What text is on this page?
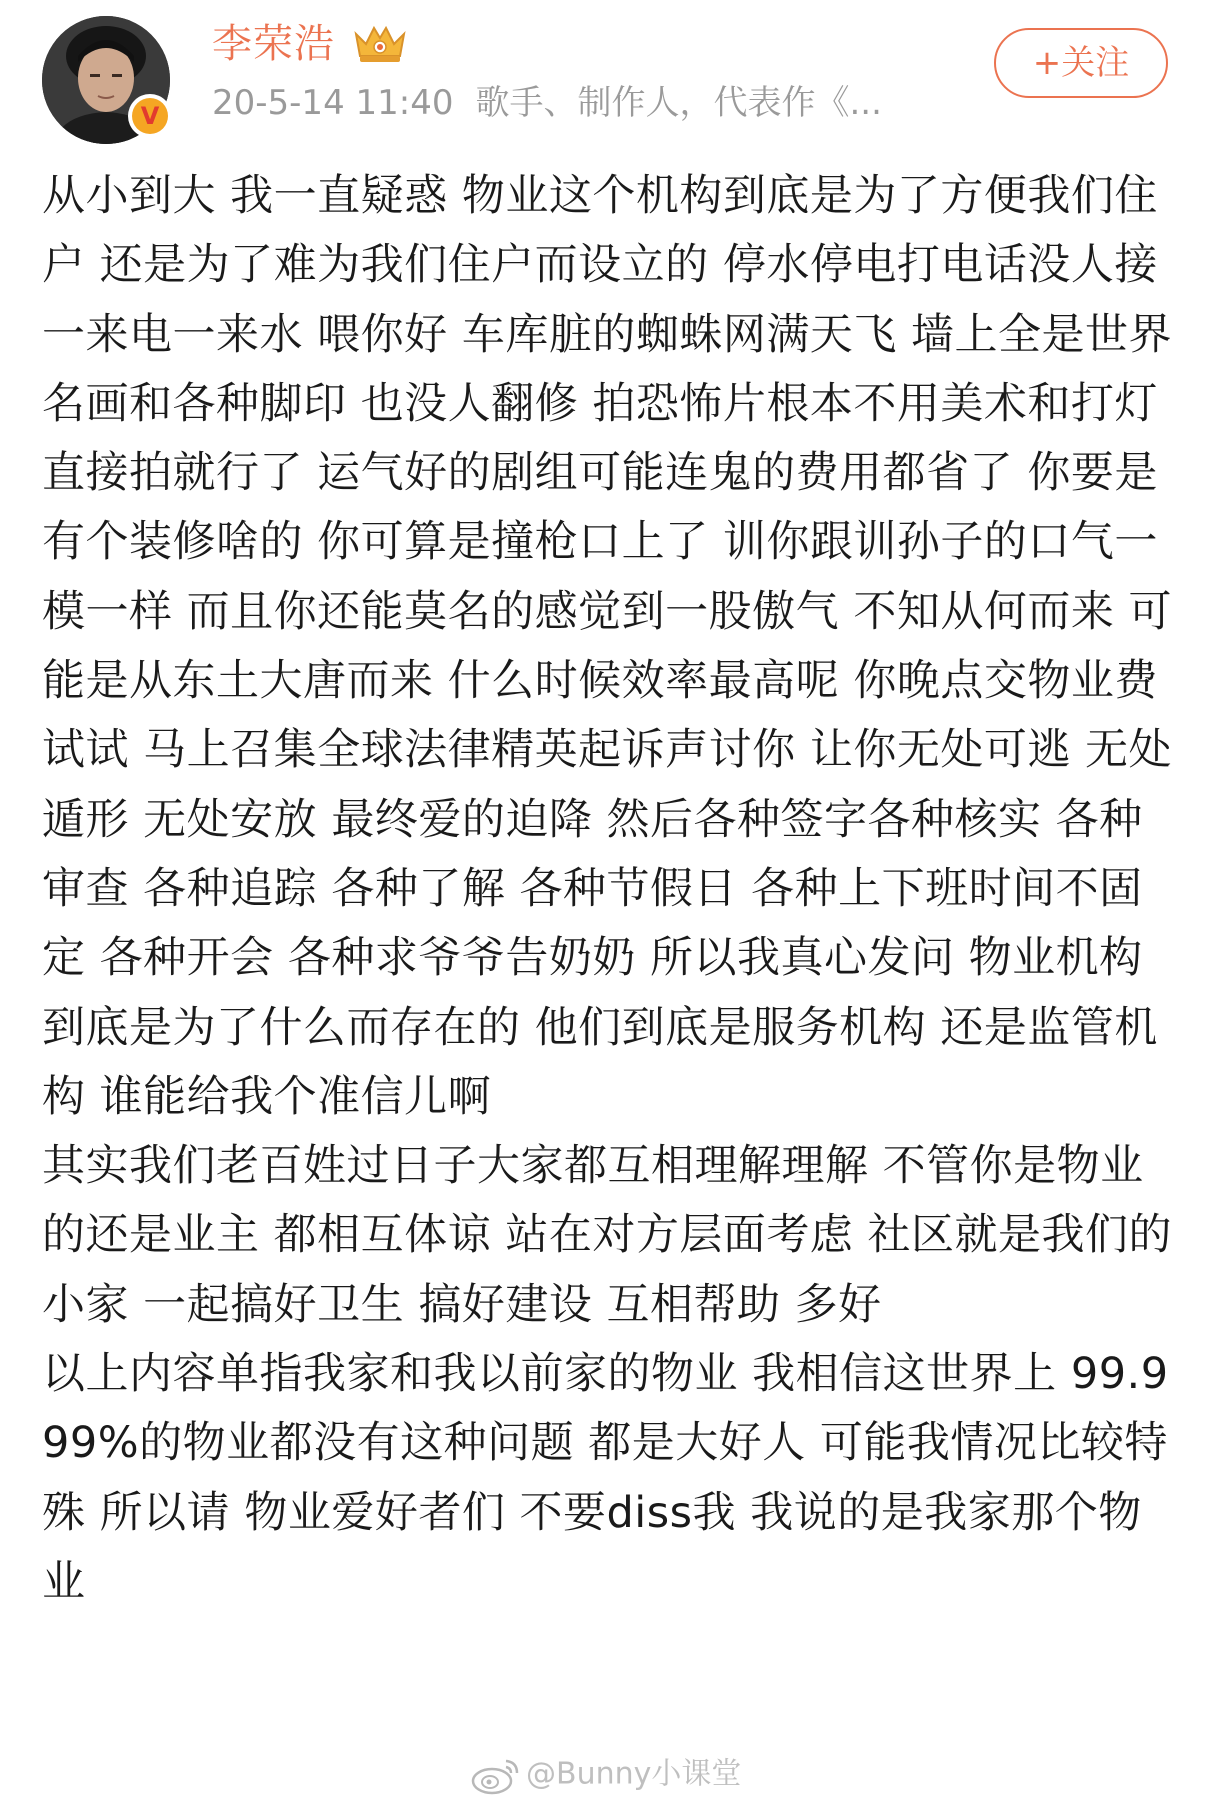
V
李荣浩
20-5-14 11:40 歌手、制作人，代表作《...
+关注

从小到大 我一直疑惑 物业这个机构到底是为了方便我们住户 还是为了难为我们住户而设立的 停水停电打电话没人接 一来电一来水 喂你好 车库脏的蜘蛛网满天飞 墙上全是世界名画和各种脚印 也没人翻修 拍恐怖片根本不用美术和打灯 直接拍就行了 运气好的剧组可能连鬼的费用都省了 你要是有个装修啥的 你可算是撞枪口上了 训你跟训孙子的口气一模一样 而且你还能莫名的感觉到一股傲气 不知从何而来 可能是从东土大唐而来 什么时候效率最高呢 你晚点交物业费试试 马上召集全球法律精英起诉声讨你 让你无处可逃 无处遁形 无处安放 最终爱的迫降 然后各种签字各种核实 各种审查 各种追踪 各种了解 各种节假日 各种上下班时间不固定 各种开会 各种求爷爷告奶奶 所以我真心发问 物业机构到底是为了什么而存在的 他们到底是服务机构 还是监管机构 谁能给我个准信儿啊

其实我们老百姓过日子大家都互相理解理解 不管你是物业的还是业主 都相互体谅 站在对方层面考虑 社区就是我们的小家 一起搞好卫生 搞好建设 互相帮助 多好

以上内容单指我家和我以前家的物业 我相信这世界上 99.999%的物业都没有这种问题 都是大好人 可能我情况比较特殊 所以请 物业爱好者们 不要diss我 我说的是我家那个物业

@Bunny小课堂
